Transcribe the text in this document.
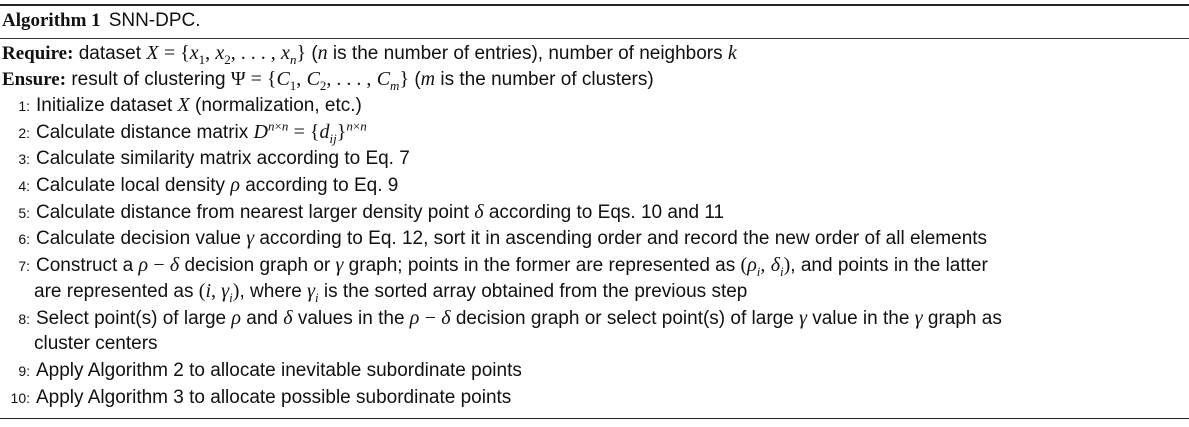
Algorithm 1 SNN-DPC.
Require: dataset $X = \{x_1$, $x_2$, . . . , $x_n$} (n is the number of entries), number of neighbors k
Ensure: result of clustering $\Psi = \{C_1$, $C_2$, . . . , $C_m$} (m is the number of clusters)
1: Initialize dataset X (normalization, etc.)
2: Calculate distance matrix $D^{n\times n} = \{d_{ij}\}^{n\times n}$
3: Calculate similarity matrix according to Eq. 7
4: Calculate local density ρ according to Eq. 9
5: Calculate distance from nearest larger density point δ according to Eqs. 10 and 11
6: Calculate decision value γ according to Eq. 12, sort it in ascending order and record the new order of all elements
7: Construct a ρ − δ decision graph or γ graph; points in the former are represented as ($\rho_i$, $\delta_i$), and points in the latter
are represented as (i, $\gamma_i$), where $\gamma_i$ is the sorted array obtained from the previous step
8: Select point(s) of large ρ and δ values in the ρ − δ decision graph or select point(s) of large γ value in the γ graph as
cluster centers
9: Apply Algorithm 2 to allocate inevitable subordinate points
10: Apply Algorithm 3 to allocate possible subordinate points
